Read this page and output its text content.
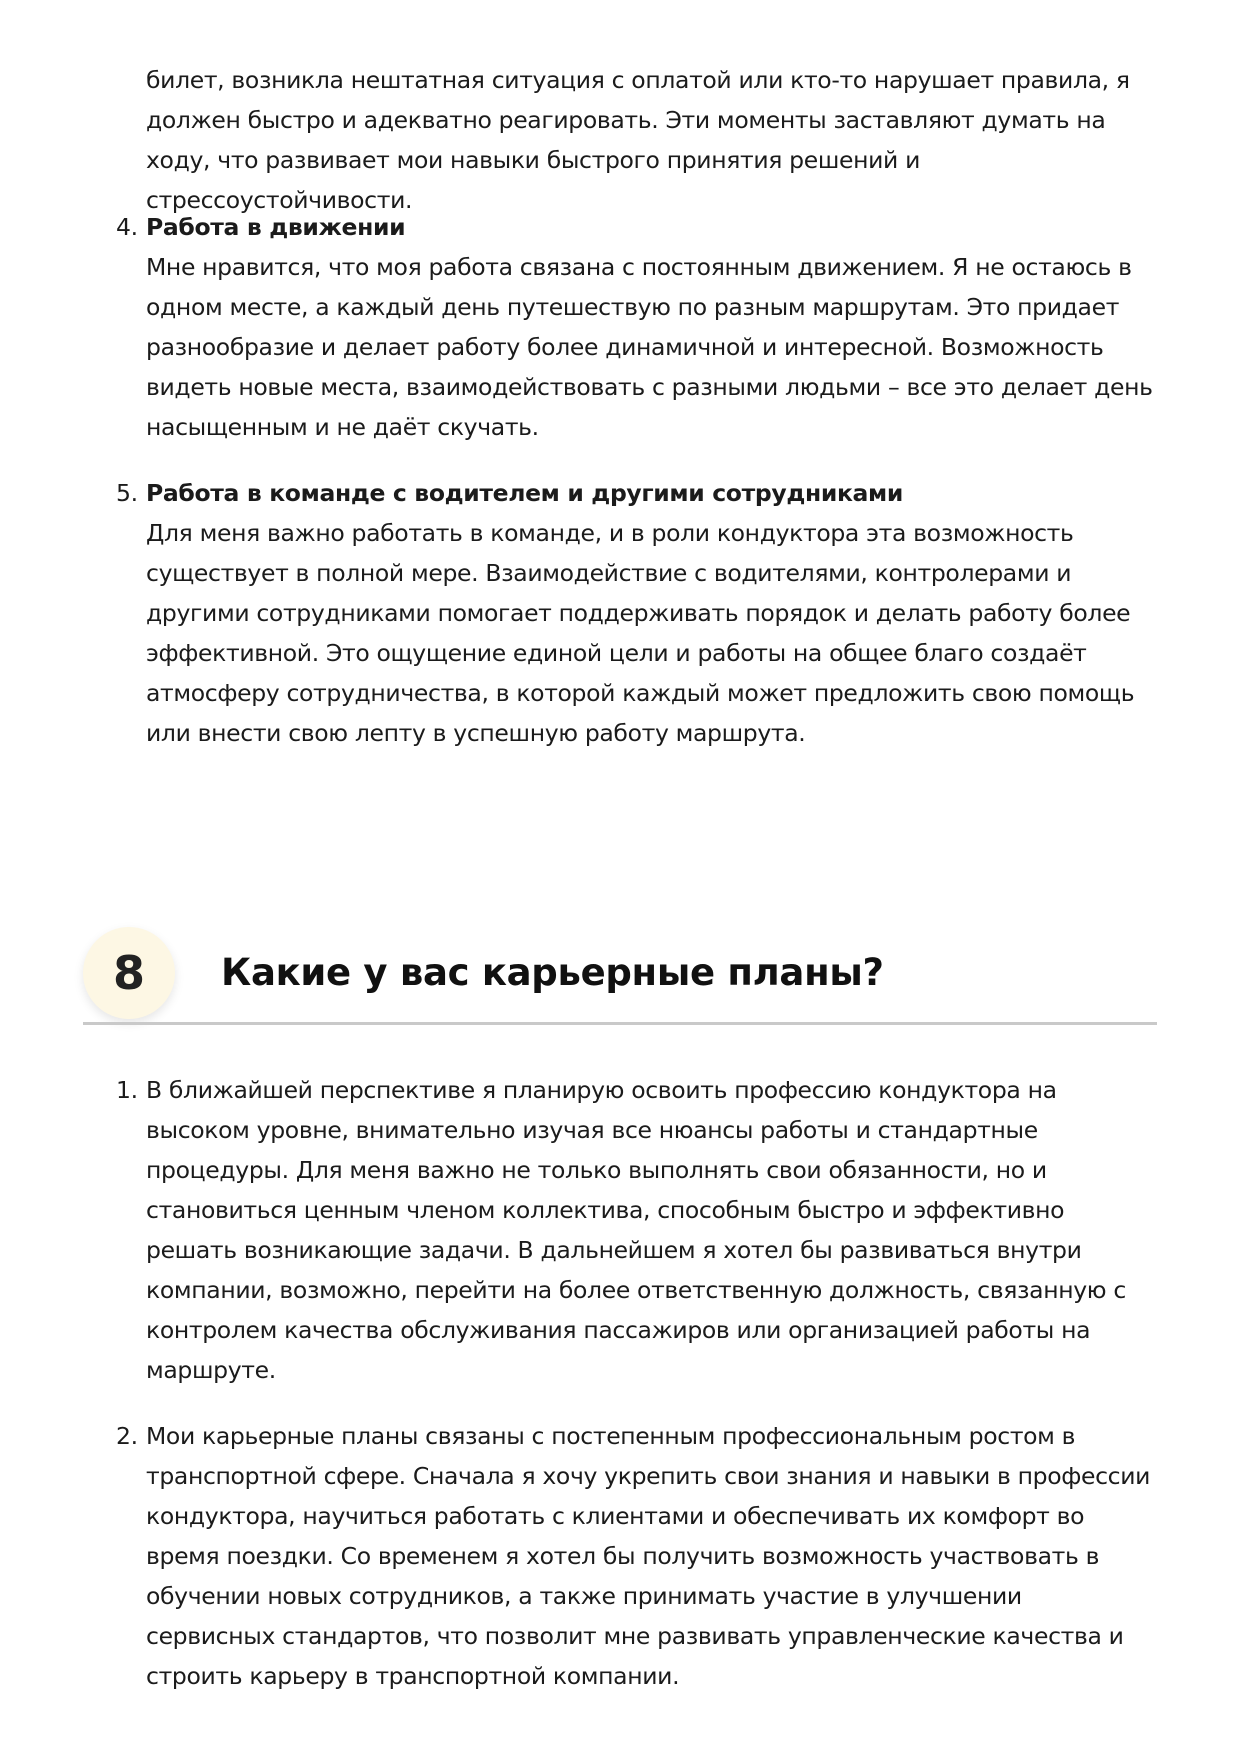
билет, возникла нештатная ситуация с оплатой или кто-то нарушает правила, я должен быстро и адекватно реагировать. Эти моменты заставляют думать на ходу, что развивает мои навыки быстрого принятия решений и стрессоустойчивости.
4. Работа в движении
Мне нравится, что моя работа связана с постоянным движением. Я не остаюсь в одном месте, а каждый день путешествую по разным маршрутам. Это придает разнообразие и делает работу более динамичной и интересной. Возможность видеть новые места, взаимодействовать с разными людьми – все это делает день насыщенным и не даёт скучать.
5. Работа в команде с водителем и другими сотрудниками
Для меня важно работать в команде, и в роли кондуктора эта возможность существует в полной мере. Взаимодействие с водителями, контролерами и другими сотрудниками помогает поддерживать порядок и делать работу более эффективной. Это ощущение единой цели и работы на общее благо создаёт атмосферу сотрудничества, в которой каждый может предложить свою помощь или внести свою лепту в успешную работу маршрута.
8	Какие у вас карьерные планы?
1. В ближайшей перспективе я планирую освоить профессию кондуктора на высоком уровне, внимательно изучая все нюансы работы и стандартные процедуры. Для меня важно не только выполнять свои обязанности, но и становиться ценным членом коллектива, способным быстро и эффективно решать возникающие задачи. В дальнейшем я хотел бы развиваться внутри компании, возможно, перейти на более ответственную должность, связанную с контролем качества обслуживания пассажиров или организацией работы на маршруте.
2. Мои карьерные планы связаны с постепенным профессиональным ростом в транспортной сфере. Сначала я хочу укрепить свои знания и навыки в профессии кондуктора, научиться работать с клиентами и обеспечивать их комфорт во время поездки. Со временем я хотел бы получить возможность участвовать в обучении новых сотрудников, а также принимать участие в улучшении сервисных стандартов, что позволит мне развивать управленческие качества и строить карьеру в транспортной компании.
